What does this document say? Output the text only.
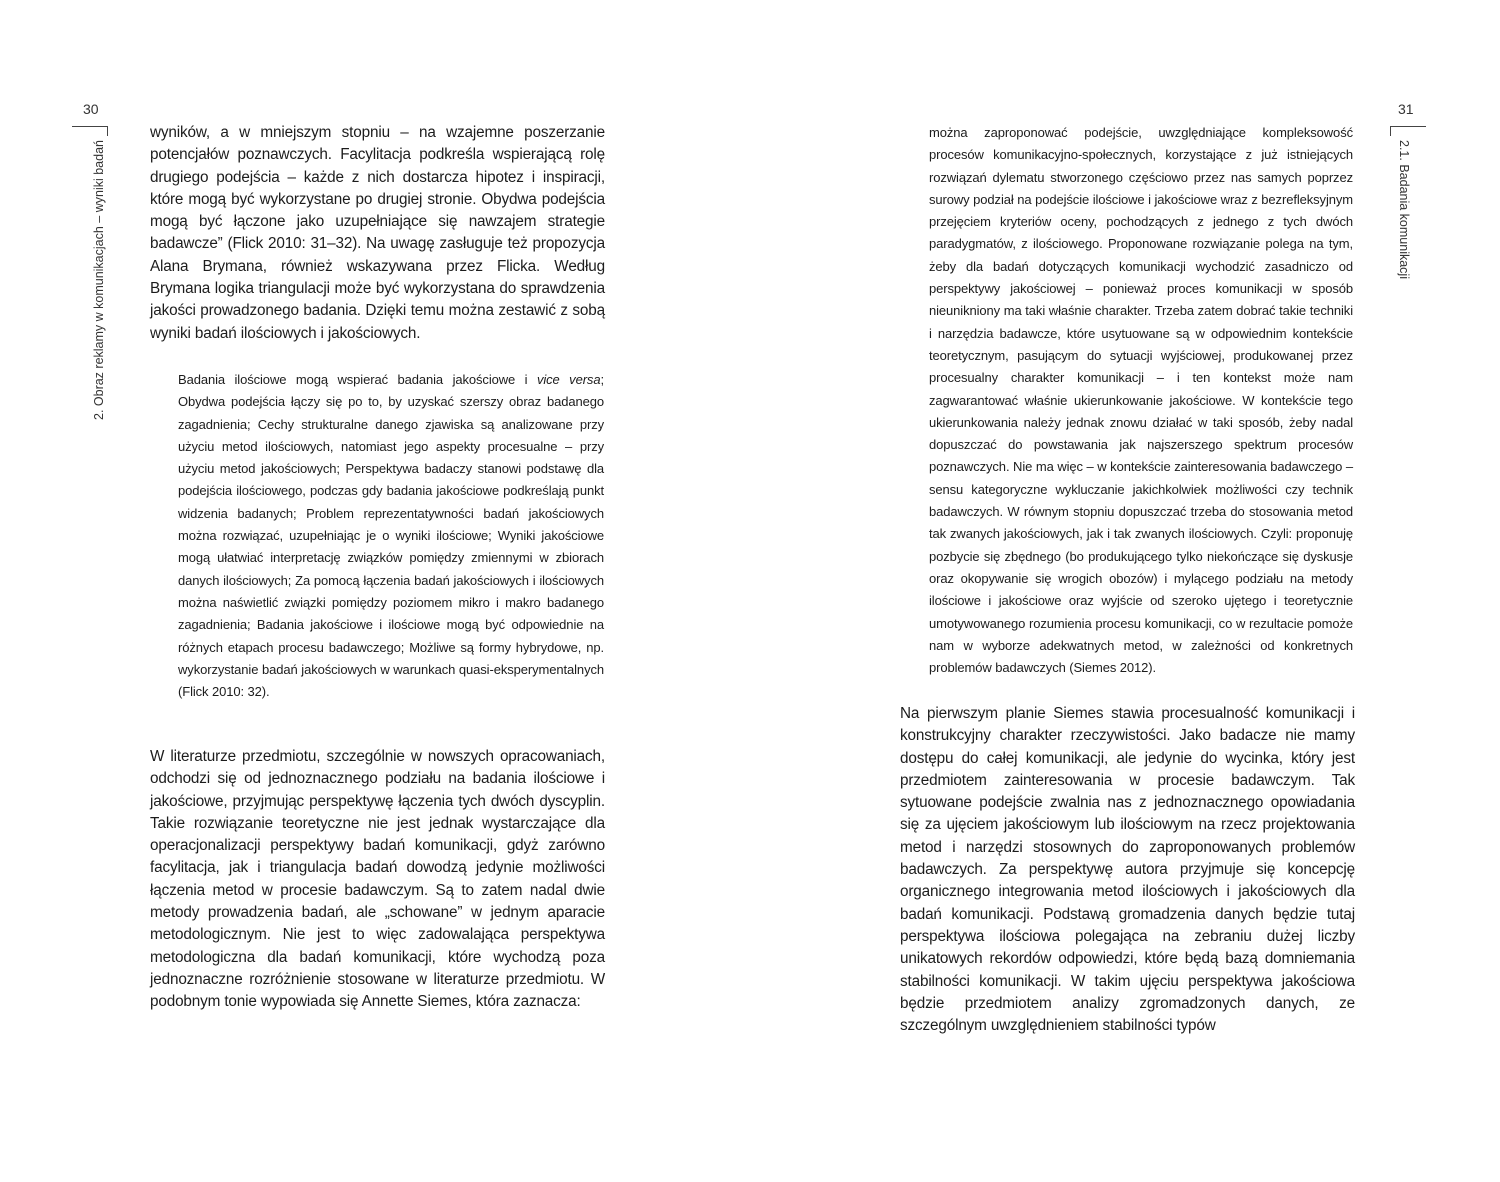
30
2. Obraz reklamy w komunikacjach – wyniki badań

wyników, a w mniejszym stopniu – na wzajemne poszerzanie potencjałów poznawczych. Facylitacja podkreśla wspierającą rolę drugiego podejścia – każde z nich dostarcza hipotez i inspiracji, które mogą być wykorzystane po drugiej stronie. Obydwa podejścia mogą być łączone jako uzupełniające się nawzajem strategie badawcze” (Flick 2010: 31–32). Na uwagę zasługuje też propozycja Alana Brymana, również wskazywana przez Flicka. Według Brymana logika triangulacji może być wykorzystana do sprawdzenia jakości prowadzonego badania. Dzięki temu można zestawić z sobą wyniki badań ilościowych i jakościowych.

Badania ilościowe mogą wspierać badania jakościowe i vice versa; Obydwa podejścia łączy się po to, by uzyskać szerszy obraz badanego zagadnienia; Cechy strukturalne danego zjawiska są analizowane przy użyciu metod ilościowych, natomiast jego aspekty procesualne – przy użyciu metod jakościowych; Perspektywa badaczy stanowi podstawę dla podejścia ilościowego, podczas gdy badania jakościowe podkreślają punkt widzenia badanych; Problem reprezentatywności badań jakościowych można rozwiązać, uzupełniając je o wyniki ilościowe; Wyniki jakościowe mogą ułatwiać interpretację związków pomiędzy zmiennymi w zbiorach danych ilościowych; Za pomocą łączenia badań jakościowych i ilościowych można naświetlić związki pomiędzy poziomem mikro i makro badanego zagadnienia; Badania jakościowe i ilościowe mogą być odpowiednie na różnych etapach procesu badawczego; Możliwe są formy hybrydowe, np. wykorzystanie badań jakościowych w warunkach quasi-eksperymentalnych (Flick 2010: 32).

W literaturze przedmiotu, szczególnie w nowszych opracowaniach, odchodzi się od jednoznacznego podziału na badania ilościowe i jakościowe, przyjmując perspektywę łączenia tych dwóch dyscyplin. Takie rozwiązanie teoretyczne nie jest jednak wystarczające dla operacjonalizacji perspektywy badań komunikacji, gdyż zarówno facylitacja, jak i triangulacja badań dowodzą jedynie możliwości łączenia metod w procesie badawczym. Są to zatem nadal dwie metody prowadzenia badań, ale „schowane” w jednym aparacie metodologicznym. Nie jest to więc zadowalająca perspektywa metodologiczna dla badań komunikacji, które wychodzą poza jednoznaczne rozróżnienie stosowane w literaturze przedmiotu. W podobnym tonie wypowiada się Annette Siemes, która zaznacza:

31
2.1. Badania komunikacji

można zaproponować podejście, uwzględniające kompleksowość procesów komunikacyjno-społecznych, korzystające z już istniejących rozwiązań dylematu stworzonego częściowo przez nas samych poprzez surowy podział na podejście ilościowe i jakościowe wraz z bezrefleksyjnym przejęciem kryteriów oceny, pochodzących z jednego z tych dwóch paradygmatów, z ilościowego. Proponowane rozwiązanie polega na tym, żeby dla badań dotyczących komunikacji wychodzić zasadniczo od perspektywy jakościowej – ponieważ proces komunikacji w sposób nieunikniony ma taki właśnie charakter. Trzeba zatem dobrać takie techniki i narzędzia badawcze, które usytuowane są w odpowiednim kontekście teoretycznym, pasującym do sytuacji wyjściowej, produkowanej przez procesualny charakter komunikacji – i ten kontekst może nam zagwarantować właśnie ukierunkowanie jakościowe. W kontekście tego ukierunkowania należy jednak znowu działać w taki sposób, żeby nadal dopuszczać do powstawania jak najszerszego spektrum procesów poznawczych. Nie ma więc – w kontekście zainteresowania badawczego – sensu kategoryczne wykluczanie jakichkolwiek możliwości czy technik badawczych. W równym stopniu dopuszczać trzeba do stosowania metod tak zwanych jakościowych, jak i tak zwanych ilościowych. Czyli: proponuję pozbycie się zbędnego (bo produkującego tylko niekończące się dyskusje oraz okopywanie się wrogich obozów) i mylącego podziału na metody ilościowe i jakościowe oraz wyjście od szeroko ujętego i teoretycznie umotywowanego rozumienia procesu komunikacji, co w rezultacie pomoże nam w wyborze adekwatnych metod, w zależności od konkretnych problemów badawczych (Siemes 2012).

Na pierwszym planie Siemes stawia procesualność komunikacji i konstrukcyjny charakter rzeczywistości. Jako badacze nie mamy dostępu do całej komunikacji, ale jedynie do wycinka, który jest przedmiotem zainteresowania w procesie badawczym. Tak sytuowane podejście zwalnia nas z jednoznacznego opowiadania się za ujęciem jakościowym lub ilościowym na rzecz projektowania metod i narzędzi stosownych do zaproponowanych problemów badawczych. Za perspektywę autora przyjmuje się koncepcję organicznego integrowania metod ilościowych i jakościowych dla badań komunikacji. Podstawą gromadzenia danych będzie tutaj perspektywa ilościowa polegająca na zebraniu dużej liczby unikatowych rekordów odpowiedzi, które będą bazą domniemania stabilności komunikacji. W takim ujęciu perspektywa jakościowa będzie przedmiotem analizy zgromadzonych danych, ze szczególnym uwzględnieniem stabilności typów
